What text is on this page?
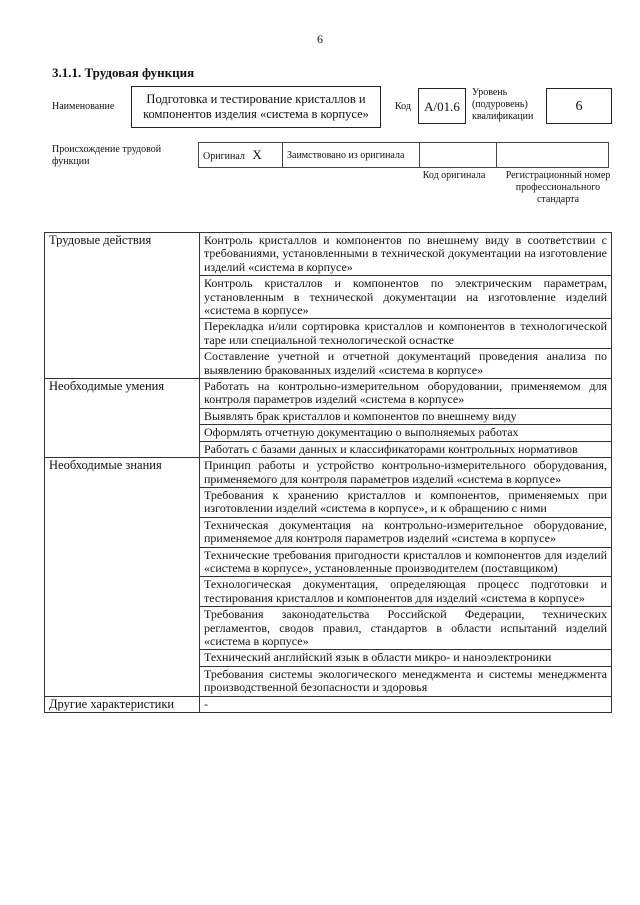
6
3.1.1. Трудовая функция
Наименование
Подготовка и тестирование кристаллов и компонентов изделия «система в корпусе»
Код	A/01.6
Уровень (подуровень) квалификации
6
Происхождение трудовой функции	Оригинал X	Заимствовано из оригинала		
Код оригинала Регистрационный номер профессионального стандарта
Трудовые действия	Контроль кристаллов и компонентов по внешнему виду в соответствии с требованиями, установленными в технической документации на изготовление изделий «система в корпусе»
	Контроль кристаллов и компонентов по электрическим параметрам, установленным в технической документации на изготовление изделий «система в корпусе»
	Перекладка и/или сортировка кристаллов и компонентов в технологической таре или специальной технологической оснастке
	Составление учетной и отчетной документаций проведения анализа по выявлению бракованных изделий «система в корпусе»
Необходимые умения	Работать на контрольно-измерительном оборудовании, применяемом для контроля параметров изделий «система в корпусе»
	Выявлять брак кристаллов и компонентов по внешнему виду
	Оформлять отчетную документацию о выполняемых работах
	Работать с базами данных и классификаторами контрольных нормативов
Необходимые знания	Принцип работы и устройство контрольно-измерительного оборудования, применяемого для контроля параметров изделий «система в корпусе»
	Требования к хранению кристаллов и компонентов, применяемых при изготовлении изделий «система в корпусе», и к обращению с ними
	Техническая документация на контрольно-измерительное оборудование, применяемое для контроля параметров изделий «система в корпусе»
	Технические требования пригодности кристаллов и компонентов для изделий «система в корпусе», установленные производителем (поставщиком)
	Технологическая документация, определяющая процесс подготовки и тестирования кристаллов и компонентов для изделий «система в корпусе»
	Требования законодательства Российской Федерации, технических регламентов, сводов правил, стандартов в области испытаний изделий «система в корпусе»
	Технический английский язык в области микро- и наноэлектроники
	Требования системы экологического менеджмента и системы менеджмента производственной безопасности и здоровья
Другие характеристики	-
